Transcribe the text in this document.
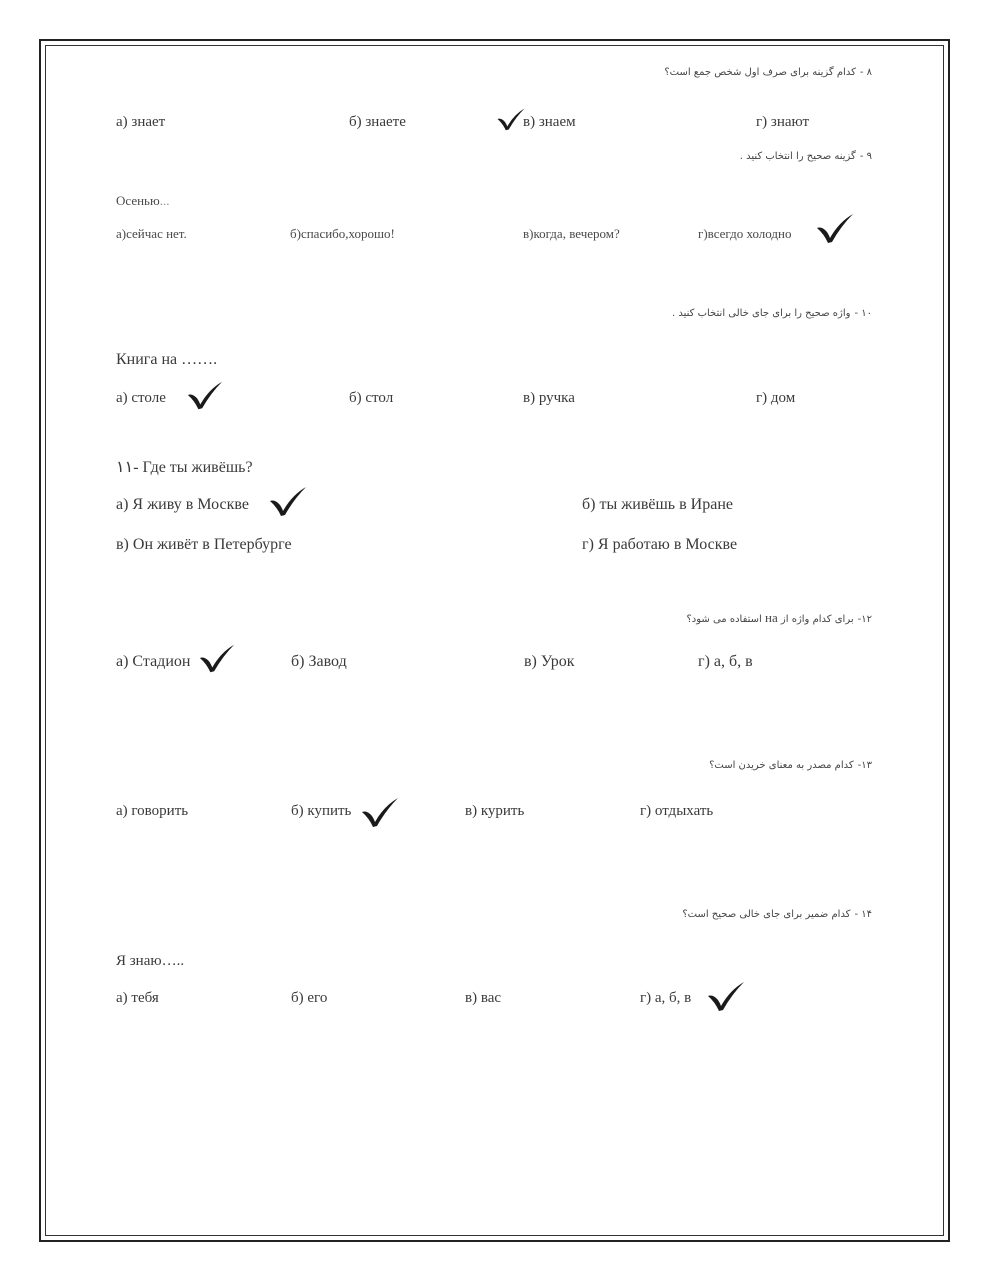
۸ -کدام گزینه برای صرف اول شخص جمع است؟
а) знает	б) знаете	в) знаем	г) знают
۹ -گزینه صحیح را انتخاب کنید .
Осенью...
а)сейчас нет.	б)спасибо,хорошо!	в)когда, вечером?	г)всегдо холодно
۱۰ -واژه صحیح را برای جای خالی انتخاب کنید .
Книга на …….
а) столе	б) стол	в) ручка	г) дом
۱۱- Где ты живёшь?
а) Я живу в Москве	б) ты живёшь в Иране
в) Он живёт в Петербурге	г) Я работаю в Москве
۱۲-برای کدام واژه از на استفاده می شود؟
а) Стадион	б) Завод	в) Урок	г) а, б, в
۱۳-کدام مصدر به معنای خریدن است؟
а) говорить	б) купить	в) курить	г) отдыхать
۱۴ -کدام ضمیر برای جای خالی صحیح است؟
Я знаю…..
а) тебя	б) его	в) вас	г) а, б, в
